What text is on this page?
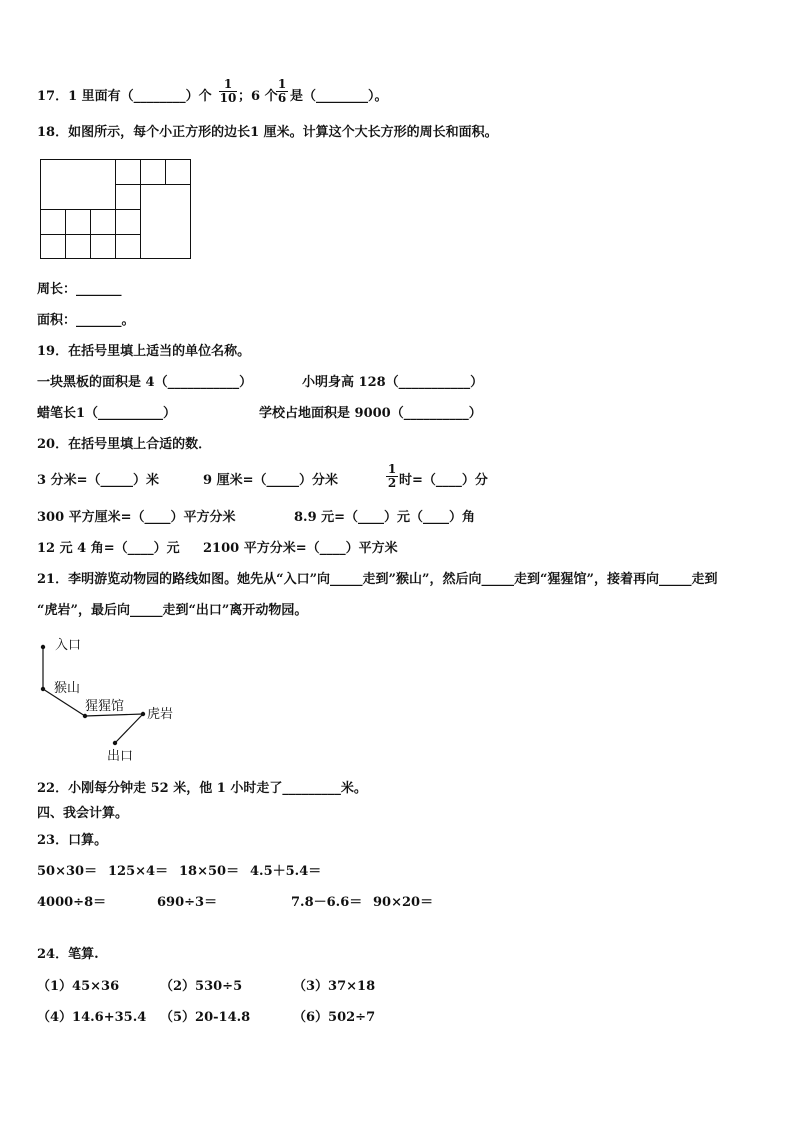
17．1 里面有（________）个 $\frac{1}{10}$ ；6 个
$\frac{1}{6}$ 是（________）。
18．如图所示，每个小正方形的边长1 厘米。计算这个大长方形的周长和面积。
周长：_______
面积：_______。
19．在括号里填上适当的单位名称。
一块黑板的面积是 4（___________）	小明身高 128（___________）
蜡笔长1（__________）	学校占地面积是 9000（__________）
20．在括号里填上合适的数．
3 分米=（_____）米	9 厘米=（_____）分米	$\frac{1}{2}$ 时=（____）分
300 平方厘米=（____）平方分米	8.9 元=（____）元（____）角
12 元 4 角=（____）元 2100 平方分米=（____）平方米
21．李明游览动物园的路线如图。她先从“入口”向_____走到”猴山”，然后向_____走到“猩猩馆”，接着再向_____走到
“虎岩”，最后向_____走到“出口”离开动物园。
入口
猴山
猩猩馆
虎岩
出口
22．小刚每分钟走 52 米，他 1 小时走了_________米。
四、我会计算。
23．口算。
50×30＝ 125×4＝ 18×50＝ 4.5＋5.4＝
4000÷8＝	690÷3＝	7.8－6.6＝ 90×20＝
24．笔算.
（1）45×36	（2）530÷5	（3）37×18
（4）14.6+35.4 （5）20-14.8	（6）502÷7
